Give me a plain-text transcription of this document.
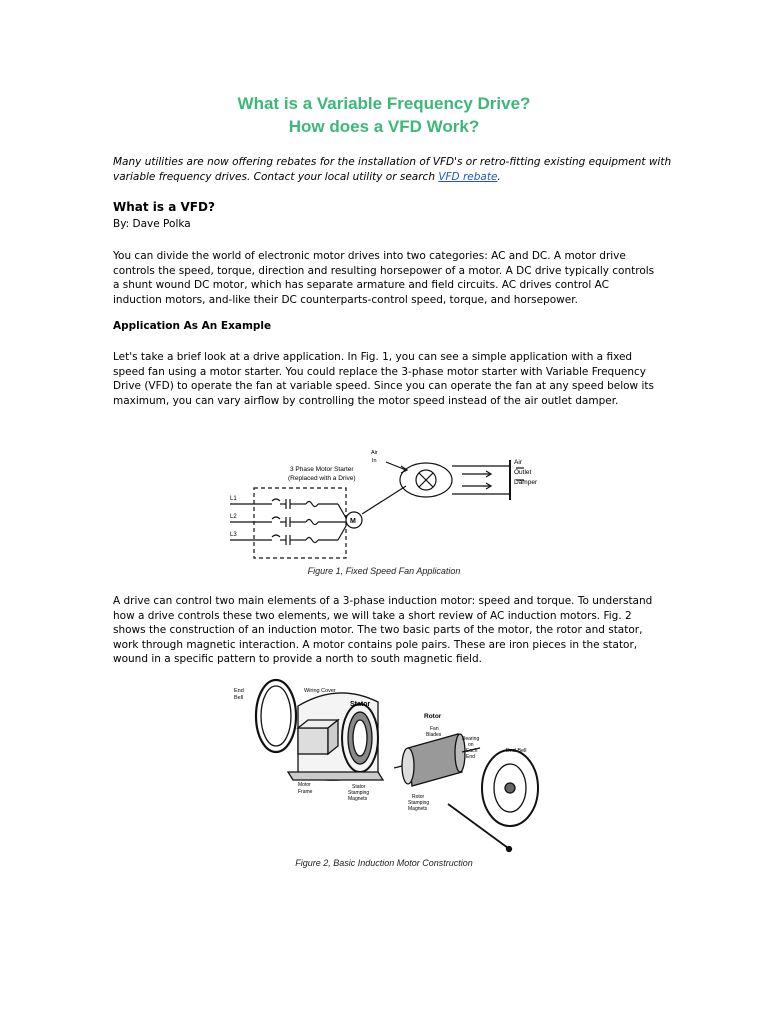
What is a Variable Frequency Drive?
How does a VFD Work?

Many utilities are now offering rebates for the installation of VFD's or retro-fitting existing equipment with variable frequency drives. Contact your local utility or search VFD rebate.

What is a VFD?

By: Dave Polka

You can divide the world of electronic motor drives into two categories: AC and DC. A motor drive controls the speed, torque, direction and resulting horsepower of a motor. A DC drive typically controls a shunt wound DC motor, which has separate armature and field circuits. AC drives control AC induction motors, and-like their DC counterparts-control speed, torque, and horsepower.

Application As An Example

Let's take a brief look at a drive application. In Fig. 1, you can see a simple application with a fixed speed fan using a motor starter. You could replace the 3-phase motor starter with Variable Frequency Drive (VFD) to operate the fan at variable speed. Since you can operate the fan at any speed below its maximum, you can vary airflow by controlling the motor speed instead of the air outlet damper.

3 Phase Motor Starter
(Replaced with a Drive)
Air
In	Air
Outlet
Damper
M
L1
L2
L3

Figure 1, Fixed Speed Fan Application

A drive can control two main elements of a 3-phase induction motor: speed and torque. To understand how a drive controls these two elements, we will take a short review of AC induction motors. Fig. 2 shows the construction of an induction motor. The two basic parts of the motor, the rotor and stator, work through magnetic interaction. A motor contains pole pairs. These are iron pieces in the stator, wound in a specific pattern to provide a north to south magnetic field.

End
Bell
Wiring Cover
Stator
Rotor
Fan
Blades
Bearing
on
Each
End
End Bell
Motor
Frame
Stator
Stamping
Magnets	Rotor
Stamping
Magnets

Figure 2, Basic Induction Motor Construction
